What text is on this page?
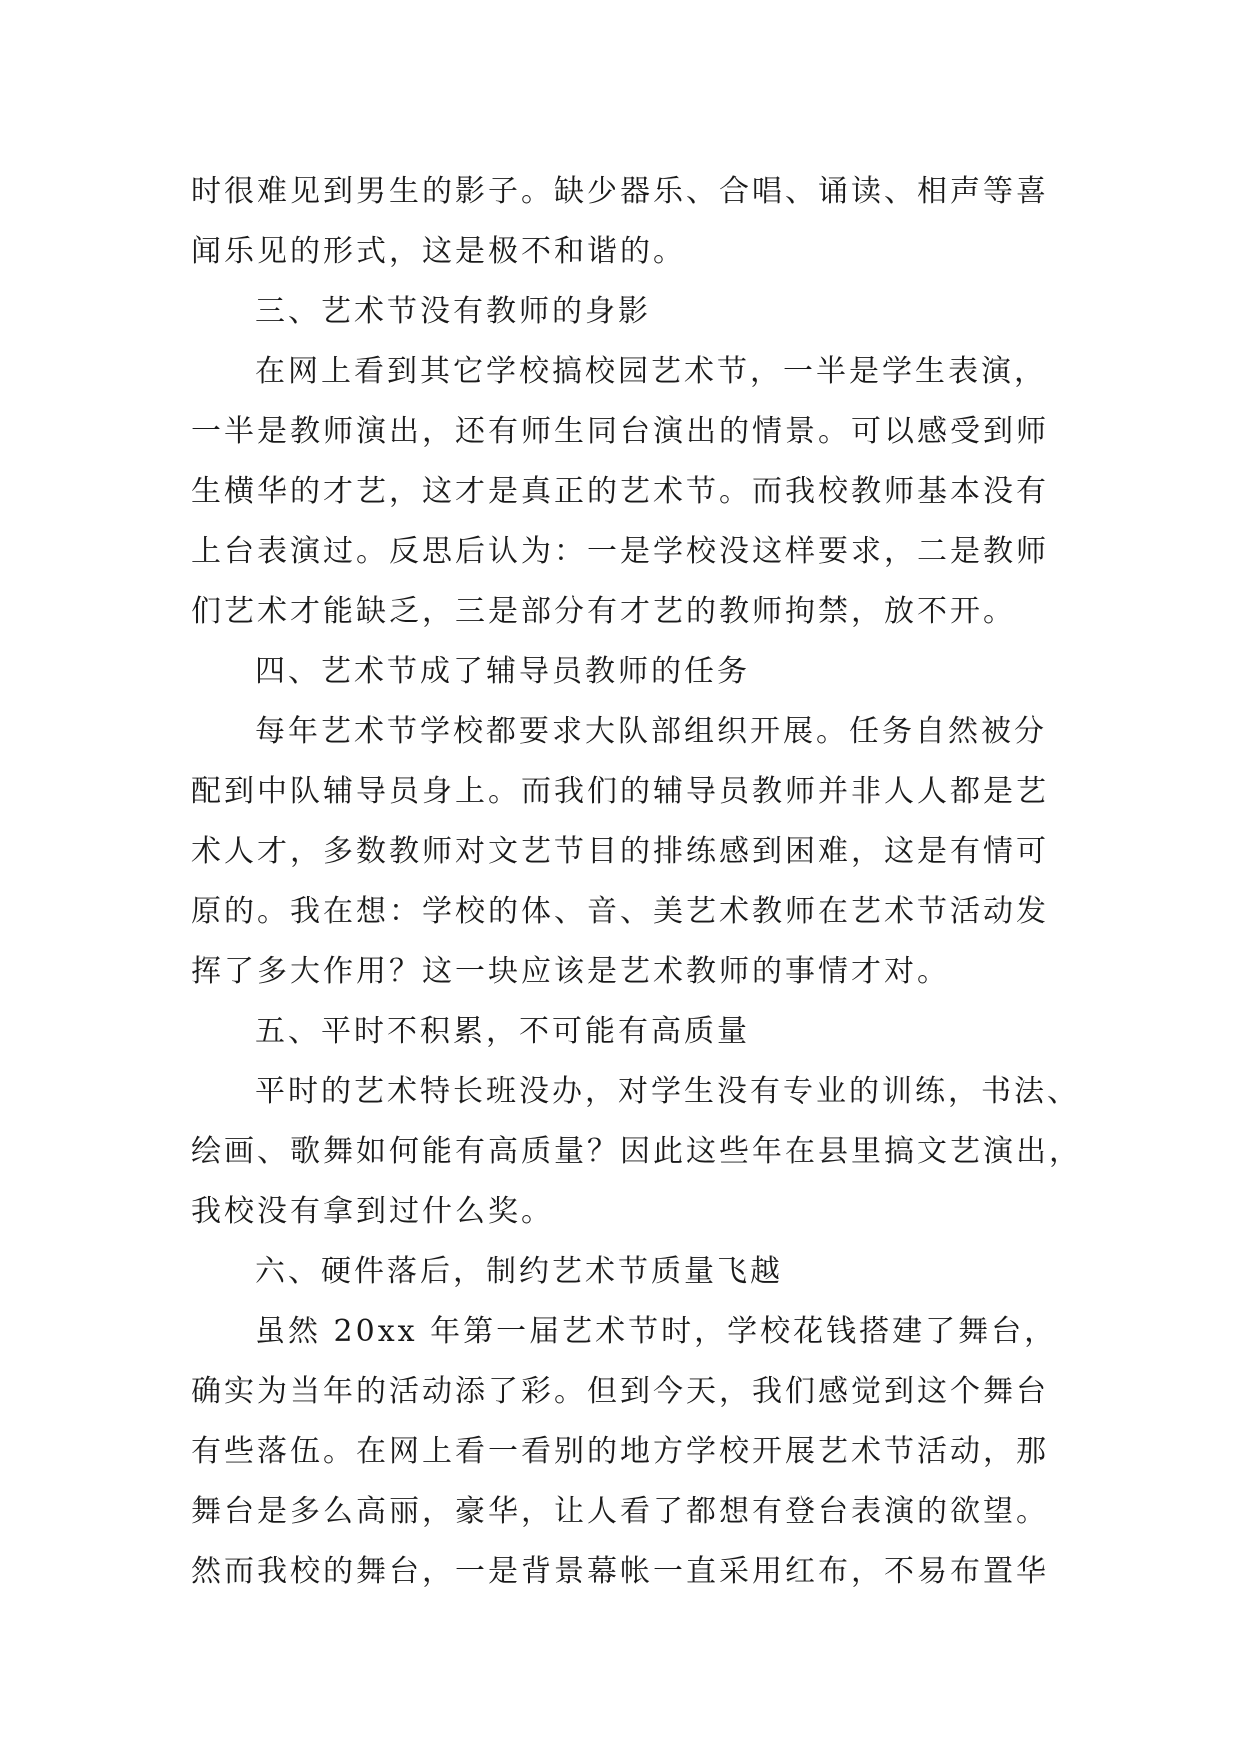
时很难见到男生的影子。缺少器乐、合唱、诵读、相声等喜
闻乐见的形式，这是极不和谐的。
三、艺术节没有教师的身影
在网上看到其它学校搞校园艺术节，一半是学生表演，
一半是教师演出，还有师生同台演出的情景。可以感受到师
生横华的才艺，这才是真正的艺术节。而我校教师基本没有
上台表演过。反思后认为：一是学校没这样要求，二是教师
们艺术才能缺乏，三是部分有才艺的教师拘禁，放不开。
四、艺术节成了辅导员教师的任务
每年艺术节学校都要求大队部组织开展。任务自然被分
配到中队辅导员身上。而我们的辅导员教师并非人人都是艺
术人才，多数教师对文艺节目的排练感到困难，这是有情可
原的。我在想：学校的体、音、美艺术教师在艺术节活动发
挥了多大作用？这一块应该是艺术教师的事情才对。
五、平时不积累，不可能有高质量
平时的艺术特长班没办，对学生没有专业的训练，书法、
绘画、歌舞如何能有高质量？因此这些年在县里搞文艺演出，
我校没有拿到过什么奖。
六、硬件落后，制约艺术节质量飞越
虽然 20xx 年第一届艺术节时，学校花钱搭建了舞台，
确实为当年的活动添了彩。但到今天，我们感觉到这个舞台
有些落伍。在网上看一看别的地方学校开展艺术节活动，那
舞台是多么高丽，豪华，让人看了都想有登台表演的欲望。
然而我校的舞台，一是背景幕帐一直采用红布，不易布置华
